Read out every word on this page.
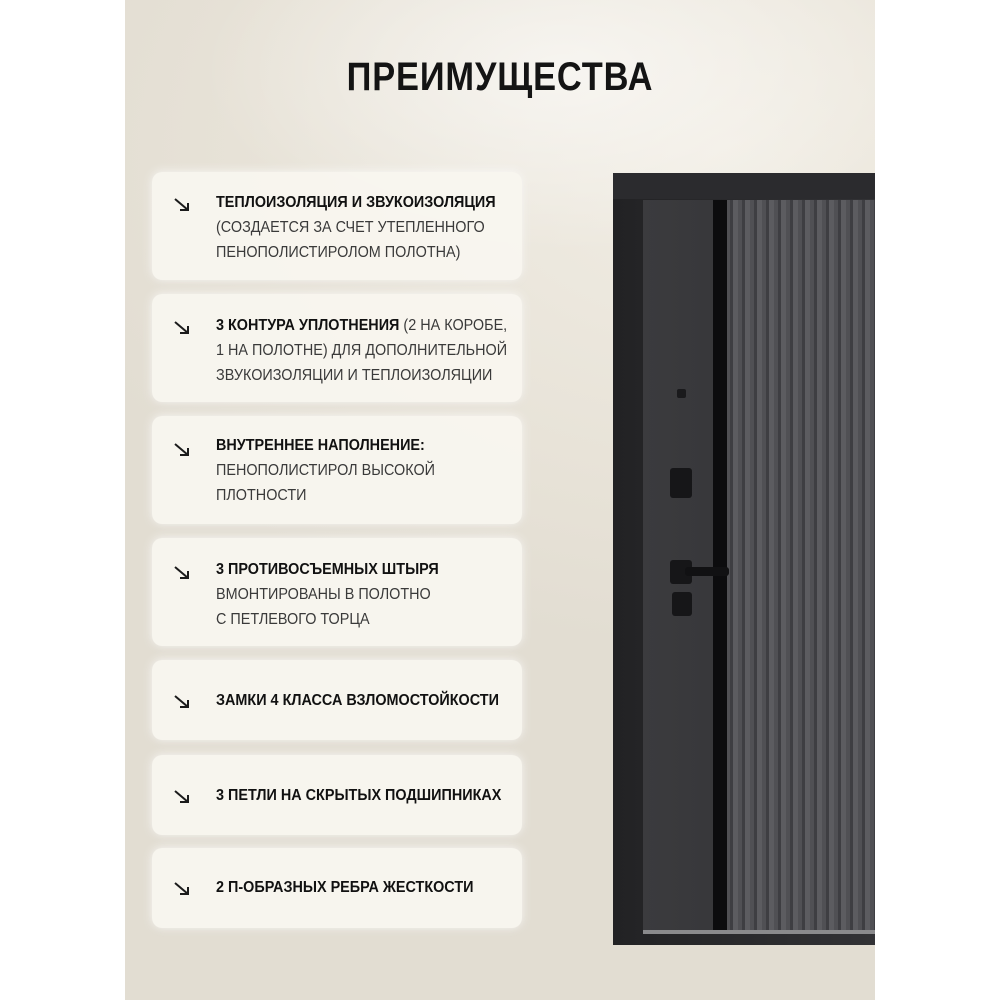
ПРЕИМУЩЕСТВА
ТЕПЛОИЗОЛЯЦИЯ И ЗВУКОИЗОЛЯЦИЯ
(СОЗДАЕТСЯ ЗА СЧЕТ УТЕПЛЕННОГО
ПЕНОПОЛИСТИРОЛОМ ПОЛОТНА)
3 КОНТУРА УПЛОТНЕНИЯ (2 НА КОРОБЕ,
1 НА ПОЛОТНЕ) ДЛЯ ДОПОЛНИТЕЛЬНОЙ
ЗВУКОИЗОЛЯЦИИ И ТЕПЛОИЗОЛЯЦИИ
ВНУТРЕННЕЕ НАПОЛНЕНИЕ:
ПЕНОПОЛИСТИРОЛ ВЫСОКОЙ
ПЛОТНОСТИ
3 ПРОТИВОСЪЕМНЫХ ШТЫРЯ
ВМОНТИРОВАНЫ В ПОЛОТНО
С ПЕТЛЕВОГО ТОРЦА
ЗАМКИ 4 КЛАССА ВЗЛОМОСТОЙКОСТИ
3 ПЕТЛИ НА СКРЫТЫХ ПОДШИПНИКАХ
2 П-ОБРАЗНЫХ РЕБРА ЖЕСТКОСТИ
